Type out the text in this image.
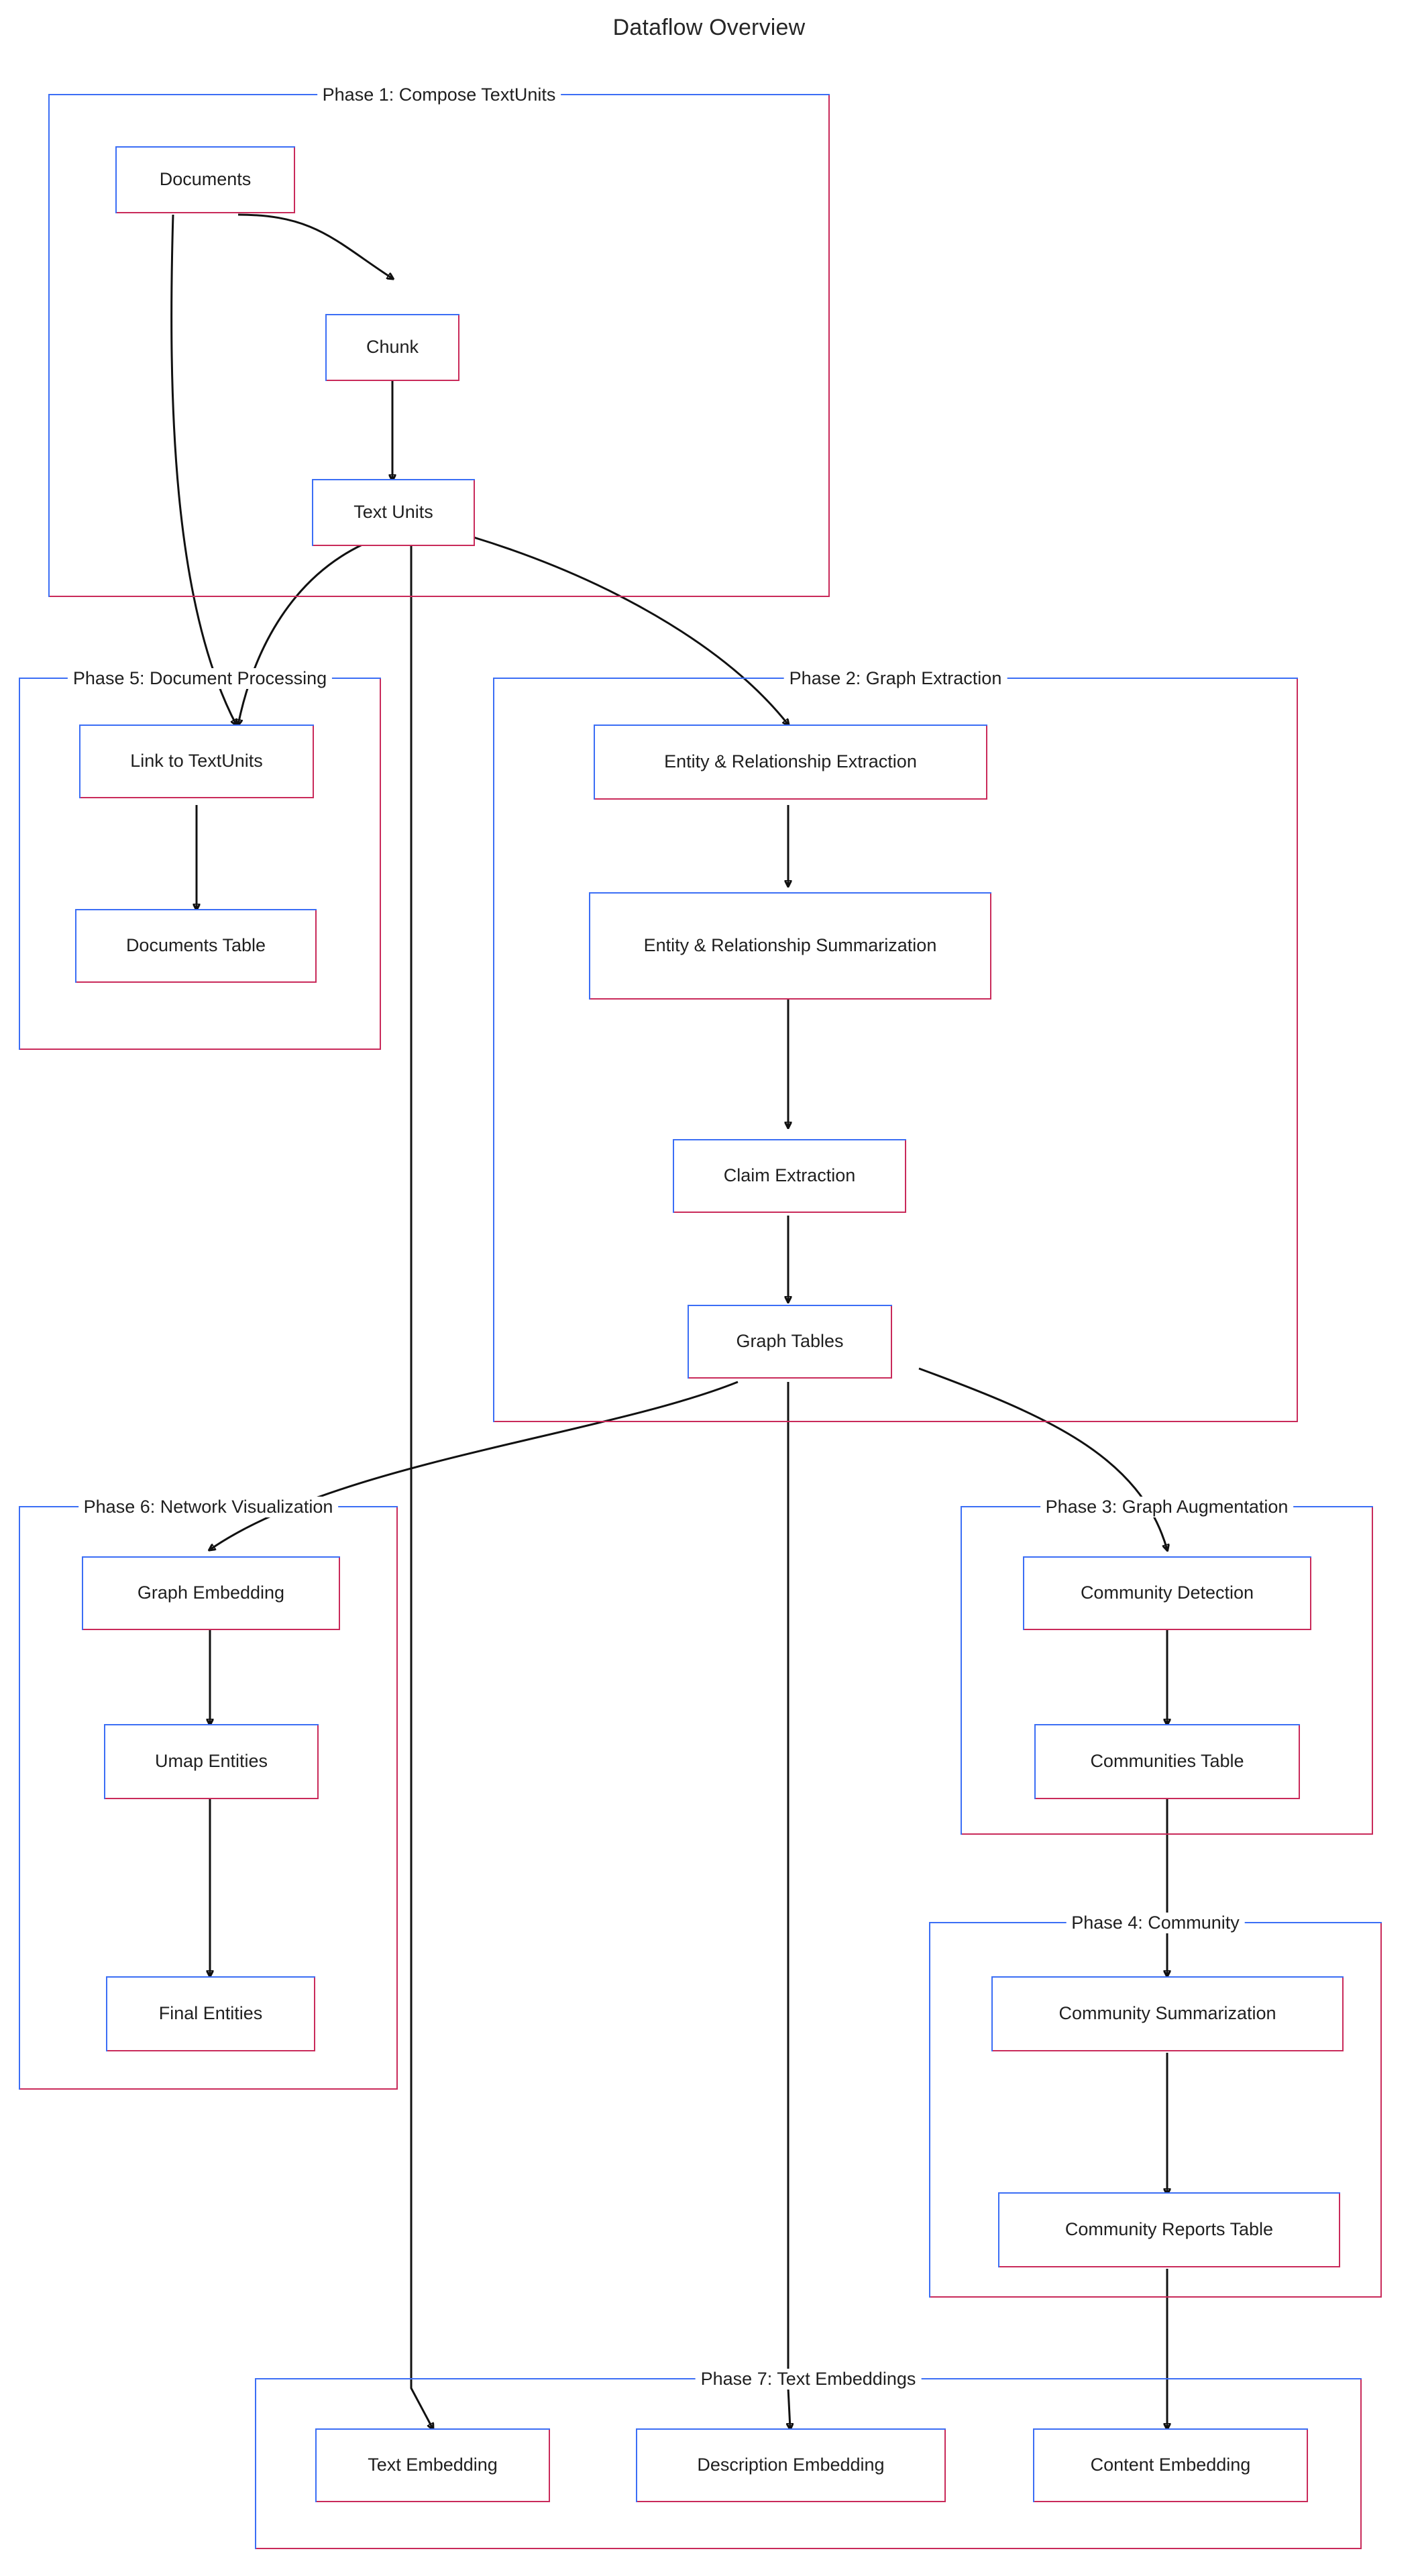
Dataflow Overview
Phase 1: Compose TextUnits
Phase 5: Document Processing	Phase 2: Graph Extraction
Phase 6: Network Visualization	Phase 3: Graph Augmentation
Phase 4: Community
Phase 7: Text Embeddings
Documents
Chunk
Text Units
Link to TextUnits
Documents Table
Entity & Relationship Extraction
Entity & Relationship Summarization
Claim Extraction
Graph Tables
Graph Embedding
Umap Entities
Final Entities
Community Detection
Communities Table
Community Summarization
Community Reports Table
Text Embedding	Description Embedding	Content Embedding
